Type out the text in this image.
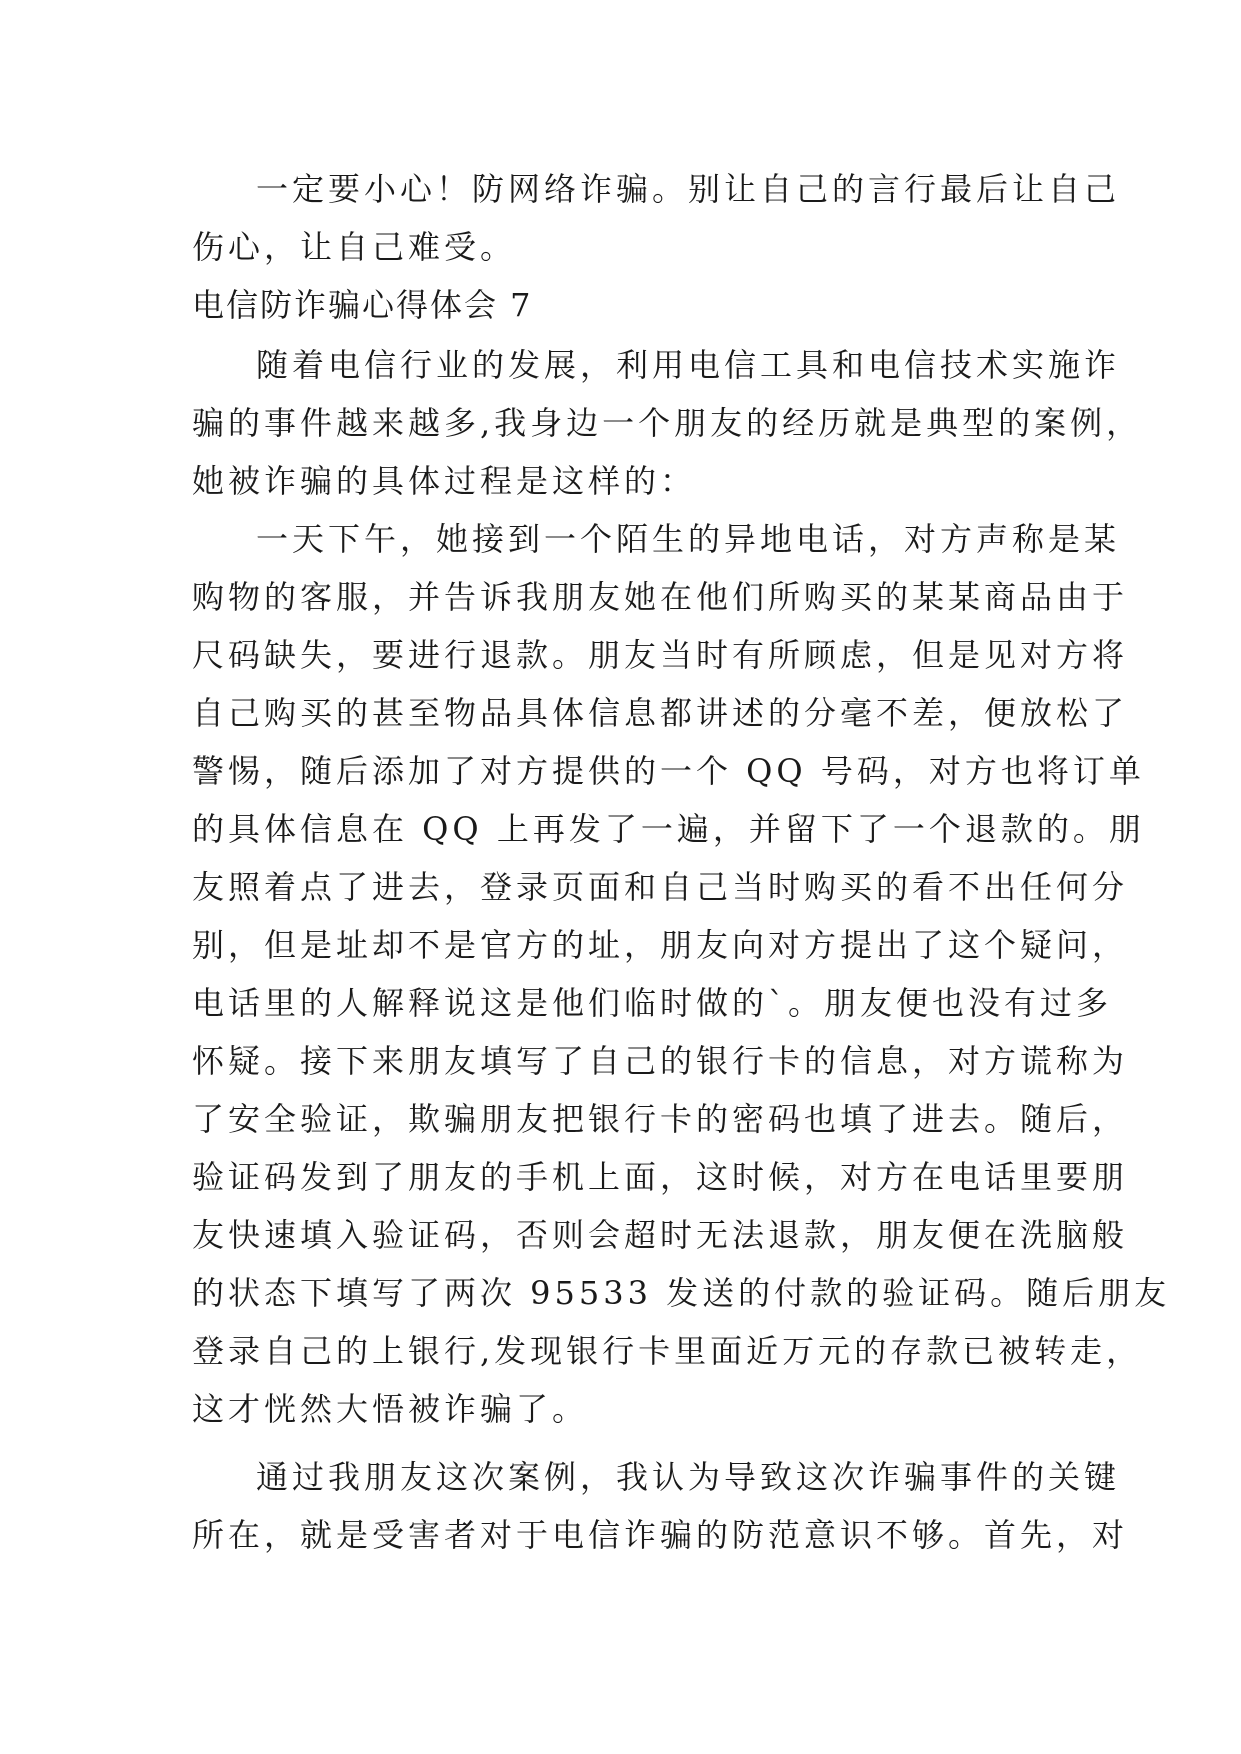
一定要小心！防网络诈骗。别让自己的言行最后让自己
伤心，让自己难受。
电信防诈骗心得体会 7
随着电信行业的发展，利用电信工具和电信技术实施诈
骗的事件越来越多,我身边一个朋友的经历就是典型的案例，
她被诈骗的具体过程是这样的：
一天下午，她接到一个陌生的异地电话，对方声称是某
购物的客服，并告诉我朋友她在他们所购买的某某商品由于
尺码缺失，要进行退款。朋友当时有所顾虑，但是见对方将
自己购买的甚至物品具体信息都讲述的分毫不差，便放松了
警惕，随后添加了对方提供的一个 QQ 号码，对方也将订单
的具体信息在 QQ 上再发了一遍，并留下了一个退款的。朋
友照着点了进去，登录页面和自己当时购买的看不出任何分
别，但是址却不是官方的址，朋友向对方提出了这个疑问，
电话里的人解释说这是他们临时做的`。朋友便也没有过多
怀疑。接下来朋友填写了自己的银行卡的信息，对方谎称为
了安全验证，欺骗朋友把银行卡的密码也填了进去。随后，
验证码发到了朋友的手机上面，这时候，对方在电话里要朋
友快速填入验证码，否则会超时无法退款，朋友便在洗脑般
的状态下填写了两次 95533 发送的付款的验证码。随后朋友
登录自己的上银行,发现银行卡里面近万元的存款已被转走，
这才恍然大悟被诈骗了。
通过我朋友这次案例，我认为导致这次诈骗事件的关键
所在，就是受害者对于电信诈骗的防范意识不够。首先，对
